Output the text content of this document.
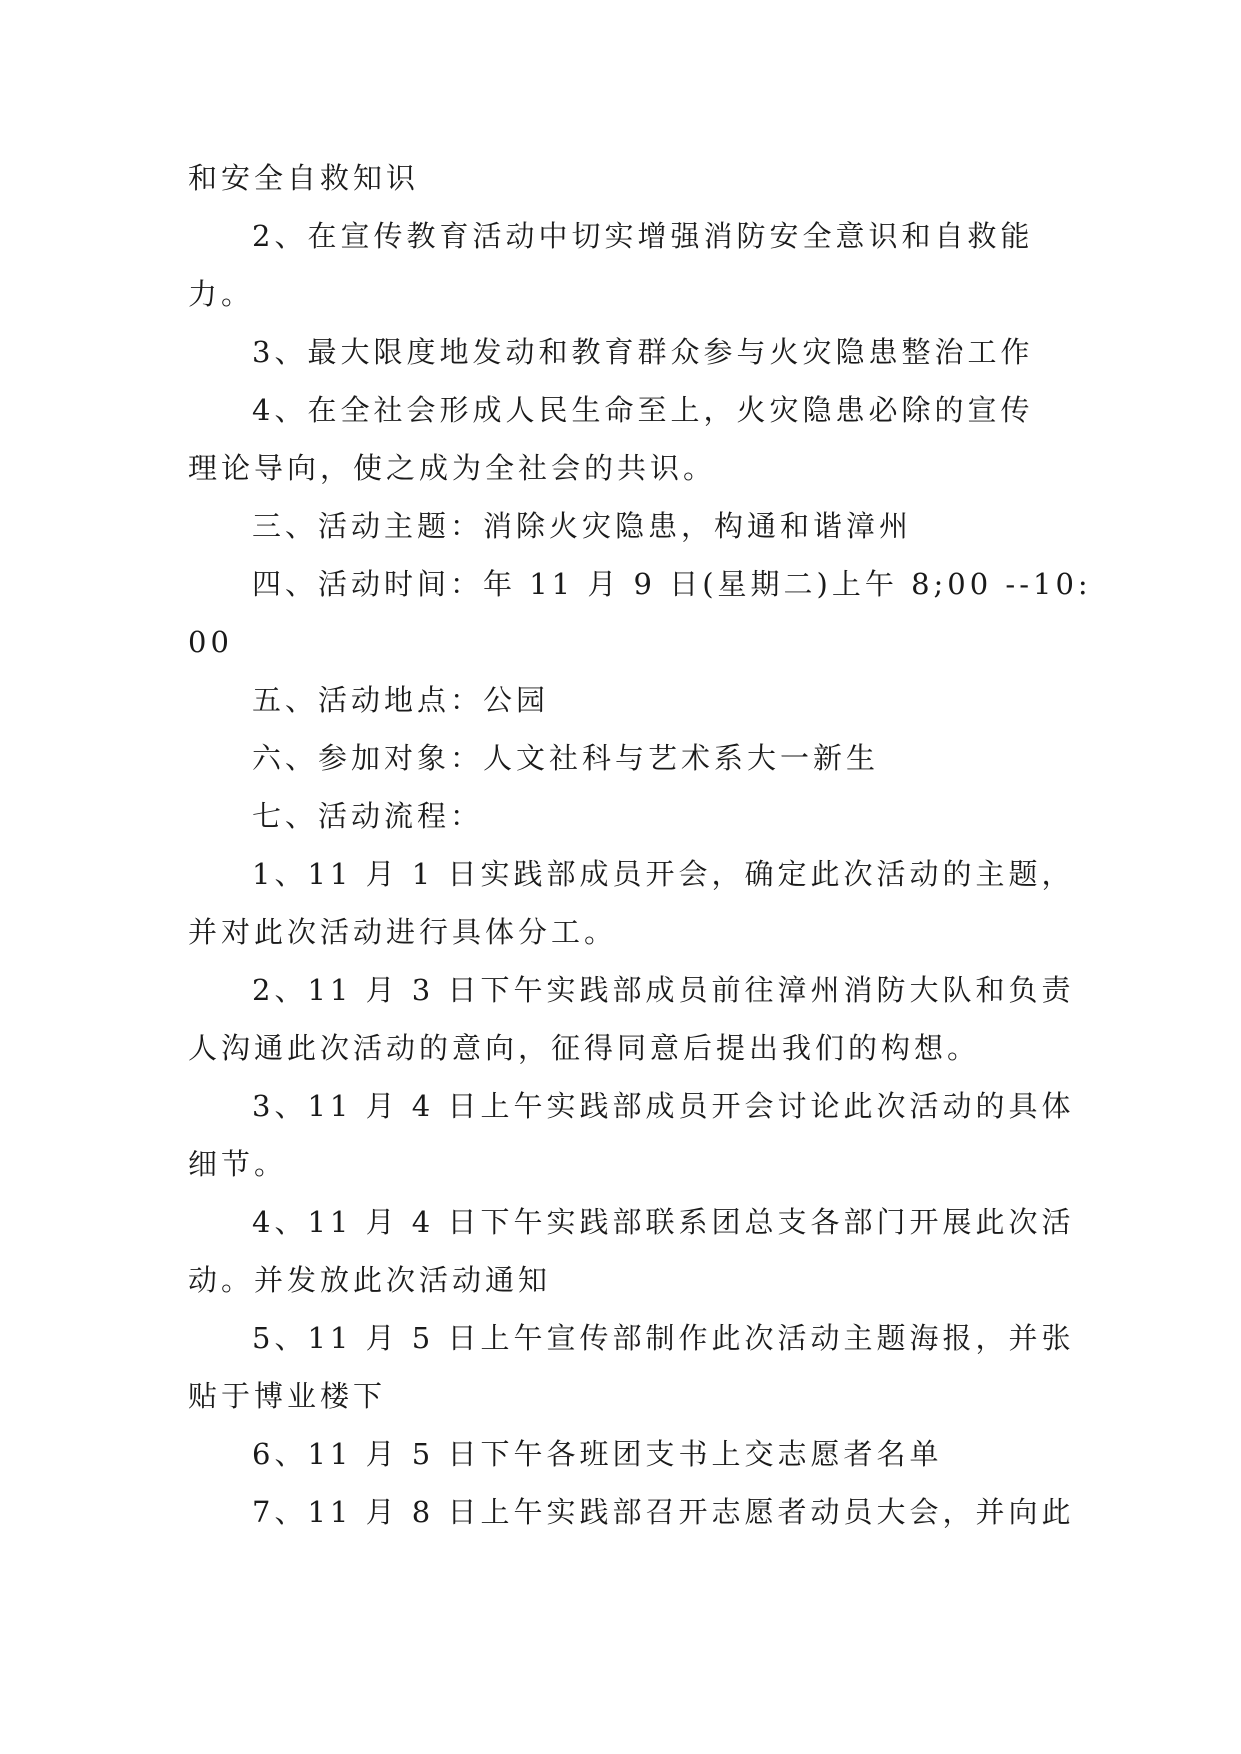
和安全自救知识
2、在宣传教育活动中切实增强消防安全意识和自救能
力。
3、最大限度地发动和教育群众参与火灾隐患整治工作
4、在全社会形成人民生命至上，火灾隐患必除的宣传
理论导向，使之成为全社会的共识。
三、活动主题：消除火灾隐患，构通和谐漳州
四、活动时间：年 11 月 9 日(星期二)上午 8;00 --10:
00
五、活动地点：公园
六、参加对象：人文社科与艺术系大一新生
七、活动流程：
1、11 月 1 日实践部成员开会，确定此次活动的主题，
并对此次活动进行具体分工。
2、11 月 3 日下午实践部成员前往漳州消防大队和负责
人沟通此次活动的意向，征得同意后提出我们的构想。
3、11 月 4 日上午实践部成员开会讨论此次活动的具体
细节。
4、11 月 4 日下午实践部联系团总支各部门开展此次活
动。并发放此次活动通知
5、11 月 5 日上午宣传部制作此次活动主题海报，并张
贴于博业楼下
6、11 月 5 日下午各班团支书上交志愿者名单
7、11 月 8 日上午实践部召开志愿者动员大会，并向此
